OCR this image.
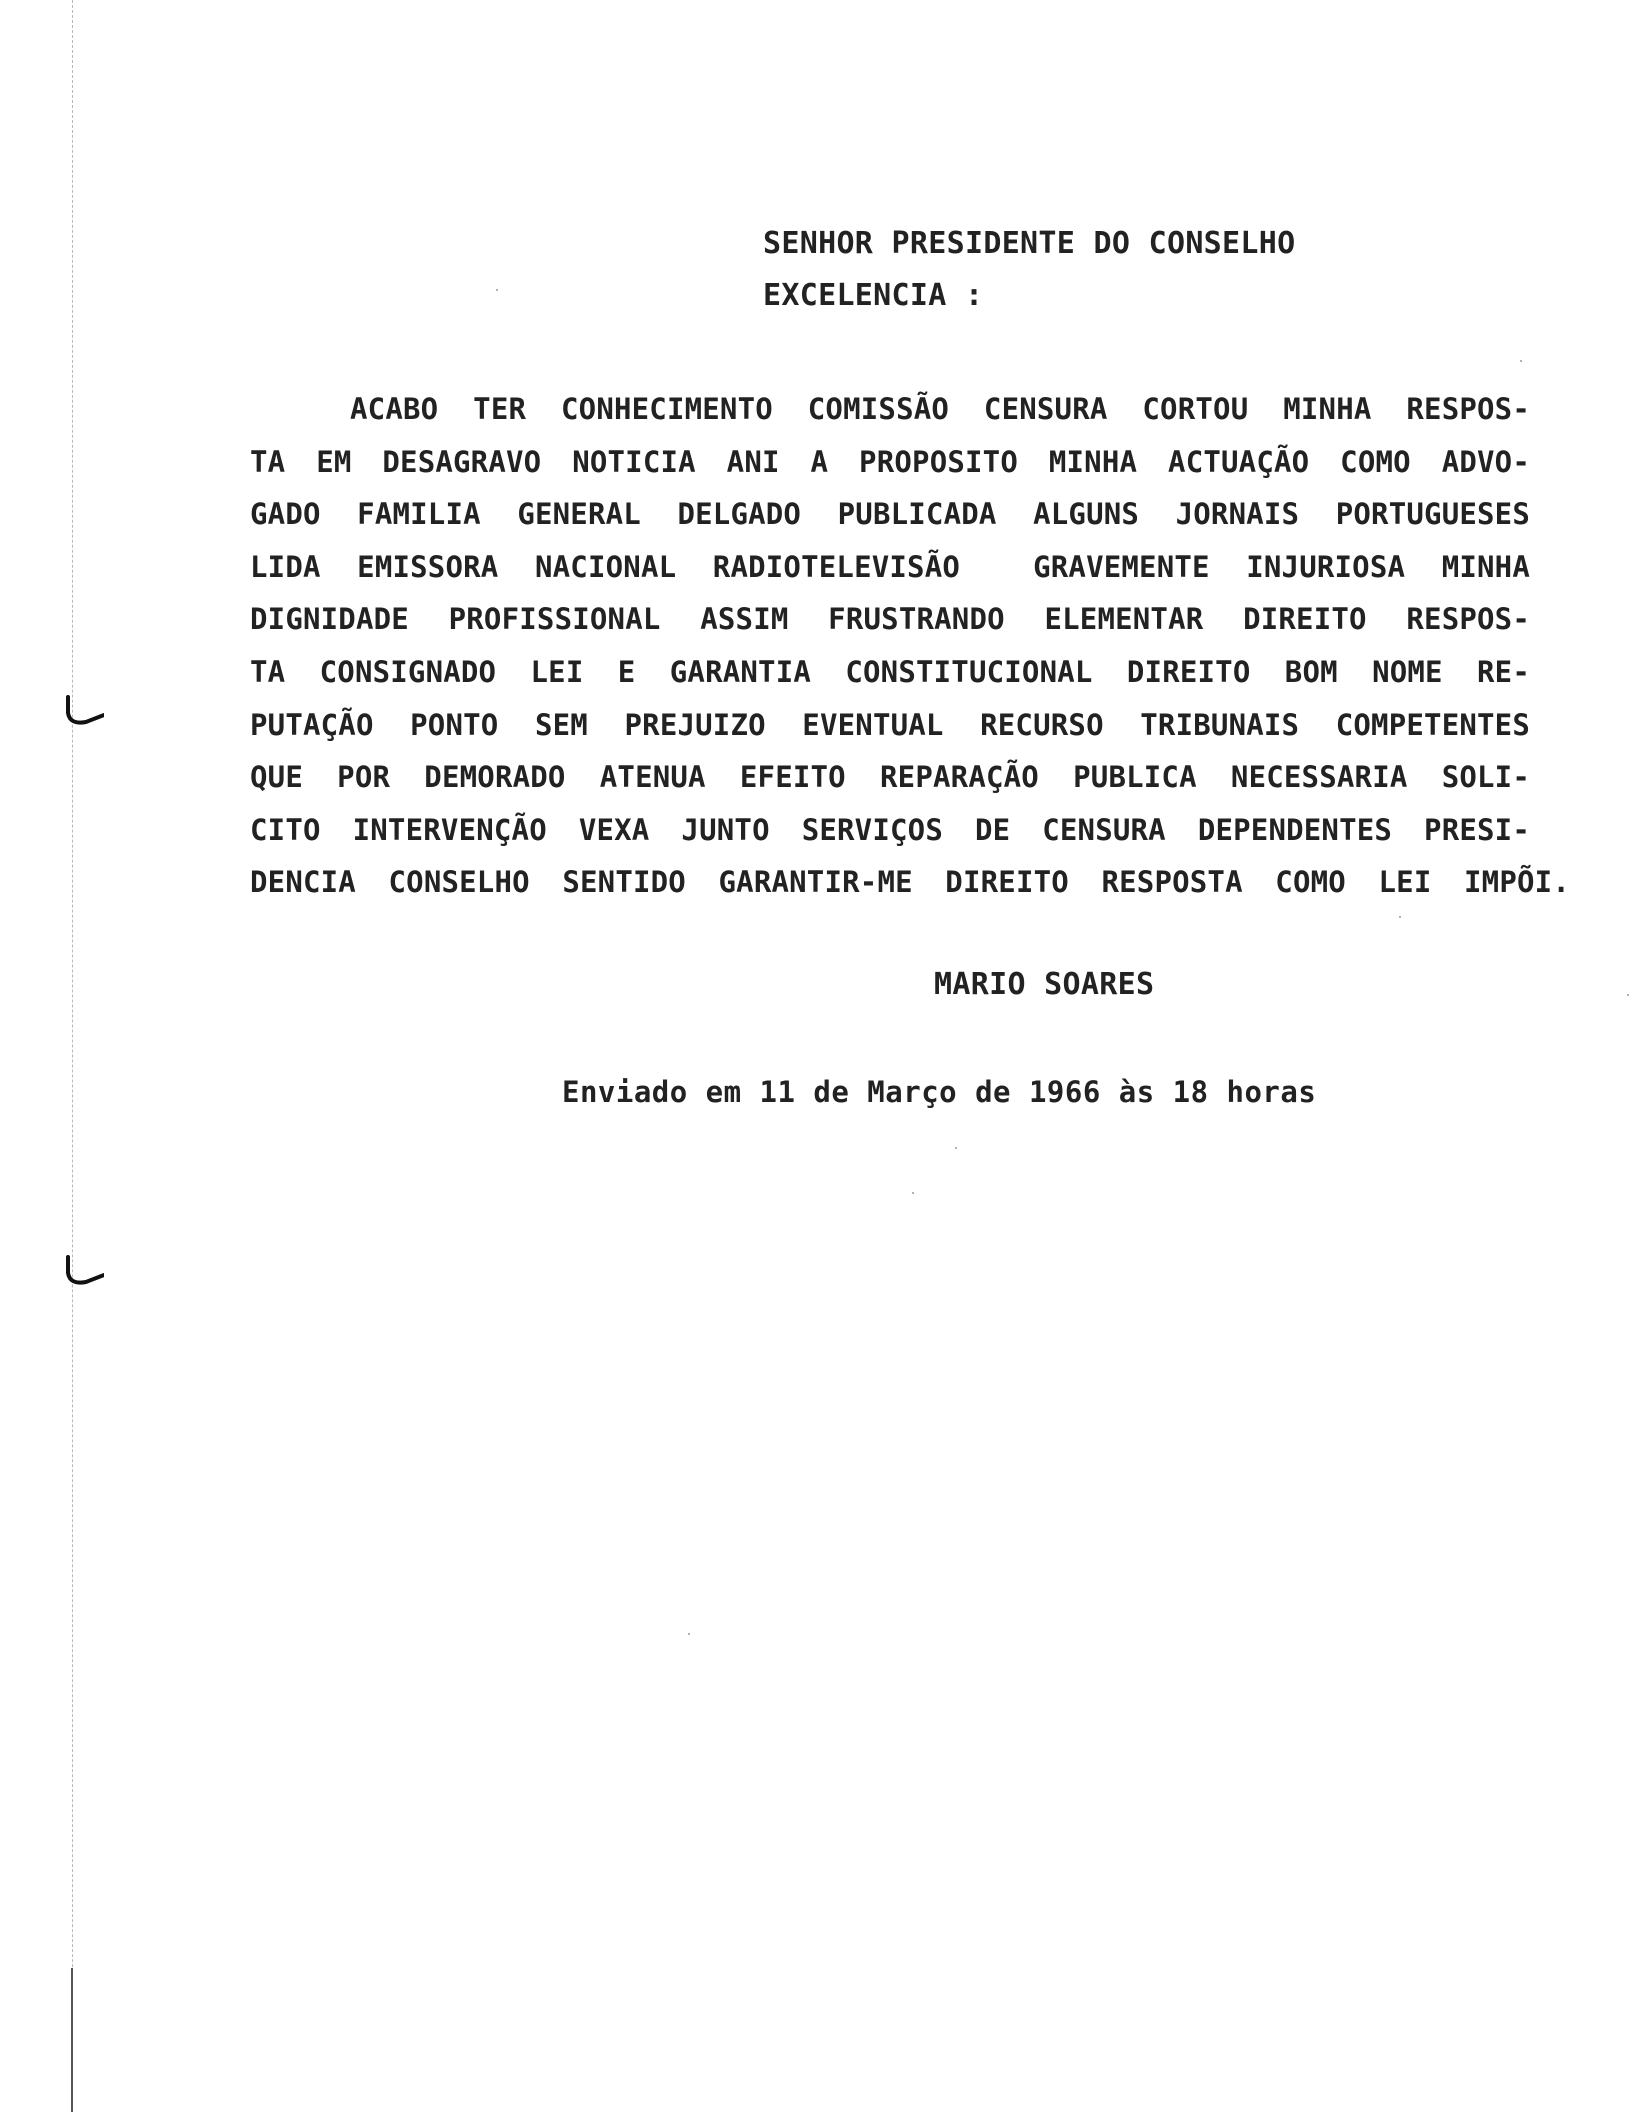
SENHOR PRESIDENTE DO CONSELHO
EXCELENCIA :
ACABO TER CONHECIMENTO COMISSÃO CENSURA CORTOU MINHA RESPOS-
TA EM DESAGRAVO NOTICIA ANI A PROPOSITO MINHA ACTUAÇÃO COMO ADVO-
GADO FAMILIA GENERAL DELGADO PUBLICADA ALGUNS JORNAIS PORTUGUESES
LIDA EMISSORA NACIONAL RADIOTELEVISÃO  GRAVEMENTE INJURIOSA MINHA
DIGNIDADE PROFISSIONAL ASSIM FRUSTRANDO ELEMENTAR DIREITO RESPOS-
TA CONSIGNADO LEI E GARANTIA CONSTITUCIONAL DIREITO BOM NOME RE-
PUTAÇÃO PONTO SEM PREJUIZO EVENTUAL RECURSO TRIBUNAIS COMPETENTES
QUE POR DEMORADO ATENUA EFEITO REPARAÇÃO PUBLICA NECESSARIA SOLI-
CITO INTERVENÇÃO VEXA JUNTO SERVIÇOS DE CENSURA DEPENDENTES PRESI-
DENCIA CONSELHO SENTIDO GARANTIR-ME DIREITO RESPOSTA COMO LEI IMPÕI.
MARIO SOARES
Enviado em 11 de Março de 1966 às 18 horas
